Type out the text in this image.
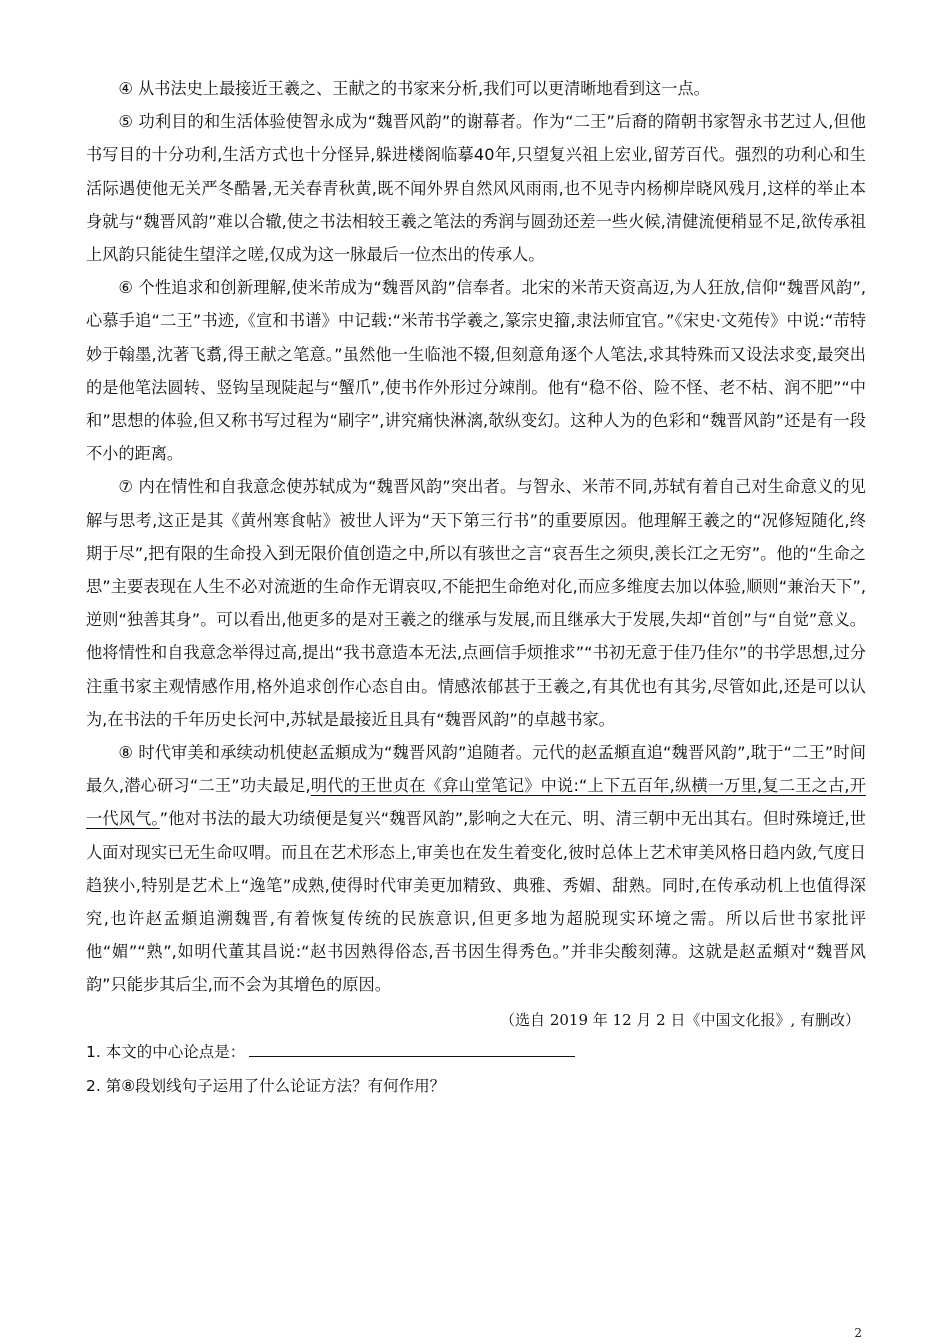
④ 从书法史上最接近王羲之、王献之的书家来分析,我们可以更清晰地看到这一点。

⑤ 功利目的和生活体验使智永成为“魏晋风韵”的谢幕者。作为“二王”后裔的隋朝书家智永书艺过人,但他书写目的十分功利,生活方式也十分怪异,躲进楼阁临摹40年,只望复兴祖上宏业,留芳百代。强烈的功利心和生活际遇使他无关严冬酷暑,无关春青秋黄,既不闻外界自然风风雨雨,也不见寺内杨柳岸晓风残月,这样的举止本身就与“魏晋风韵”难以合辙,使之书法相较王羲之笔法的秀润与圆劲还差一些火候,清健流便稍显不足,欲传承祖上风韵只能徒生望洋之嗟,仅成为这一脉最后一位杰出的传承人。

⑥ 个性追求和创新理解,使米芾成为“魏晋风韵”信奉者。北宋的米芾天资高迈,为人狂放,信仰“魏晋风韵”,心慕手追“二王”书迹,《宣和书谱》中记载:“米芾书学羲之,篆宗史籀,隶法师宜官。”《宋史·文苑传》中说:“芾特妙于翰墨,沈著飞翥,得王献之笔意。”虽然他一生临池不辍,但刻意角逐个人笔法,求其特殊而又设法求变,最突出的是他笔法圆转、竖钩呈现陡起与“蟹爪”,使书作外形过分竦削。他有“稳不俗、险不怪、老不枯、润不肥”“中和”思想的体验,但又称书写过程为“刷字”,讲究痛快淋漓,欹纵变幻。这种人为的色彩和“魏晋风韵”还是有一段不小的距离。

⑦ 内在情性和自我意念使苏轼成为“魏晋风韵”突出者。与智永、米芾不同,苏轼有着自己对生命意义的见解与思考,这正是其《黄州寒食帖》被世人评为“天下第三行书”的重要原因。他理解王羲之的“况修短随化,终期于尽”,把有限的生命投入到无限价值创造之中,所以有骇世之言“哀吾生之须臾,羡长江之无穷”。他的“生命之思”主要表现在人生不必对流逝的生命作无谓哀叹,不能把生命绝对化,而应多维度去加以体验,顺则“兼治天下”,逆则“独善其身”。可以看出,他更多的是对王羲之的继承与发展,而且继承大于发展,失却“首创”与“自觉”意义。他将情性和自我意念举得过高,提出“我书意造本无法,点画信手烦推求”“书初无意于佳乃佳尔”的书学思想,过分注重书家主观情感作用,格外追求创作心态自由。情感浓郁甚于王羲之,有其优也有其劣,尽管如此,还是可以认为,在书法的千年历史长河中,苏轼是最接近且具有“魏晋风韵”的卓越书家。

⑧ 时代审美和承续动机使赵孟頫成为“魏晋风韵”追随者。元代的赵孟頫直追“魏晋风韵”,耽于“二王”时间最久,潜心研习“二王”功夫最足,明代的王世贞在《弇山堂笔记》中说:“上下五百年,纵横一万里,复二王之古,开一代风气。”他对书法的最大功绩便是复兴“魏晋风韵”,影响之大在元、明、清三朝中无出其右。但时殊境迁,世人面对现实已无生命叹喟。而且在艺术形态上,审美也在发生着变化,彼时总体上艺术审美风格日趋内敛,气度日趋狭小,特别是艺术上“逸笔”成熟,使得时代审美更加精致、典雅、秀媚、甜熟。同时,在传承动机上也值得深究,也许赵孟頫追溯魏晋,有着恢复传统的民族意识,但更多地为超脱现实环境之需。所以后世书家批评他“媚”“熟”,如明代董其昌说:“赵书因熟得俗态,吾书因生得秀色。”并非尖酸刻薄。这就是赵孟頫对“魏晋风韵”只能步其后尘,而不会为其增色的原因。

（选自 2019 年 12 月 2 日《中国文化报》, 有删改）
1. 本文的中心论点是：
2. 第⑧段划线句子运用了什么论证方法？有何作用？
2
